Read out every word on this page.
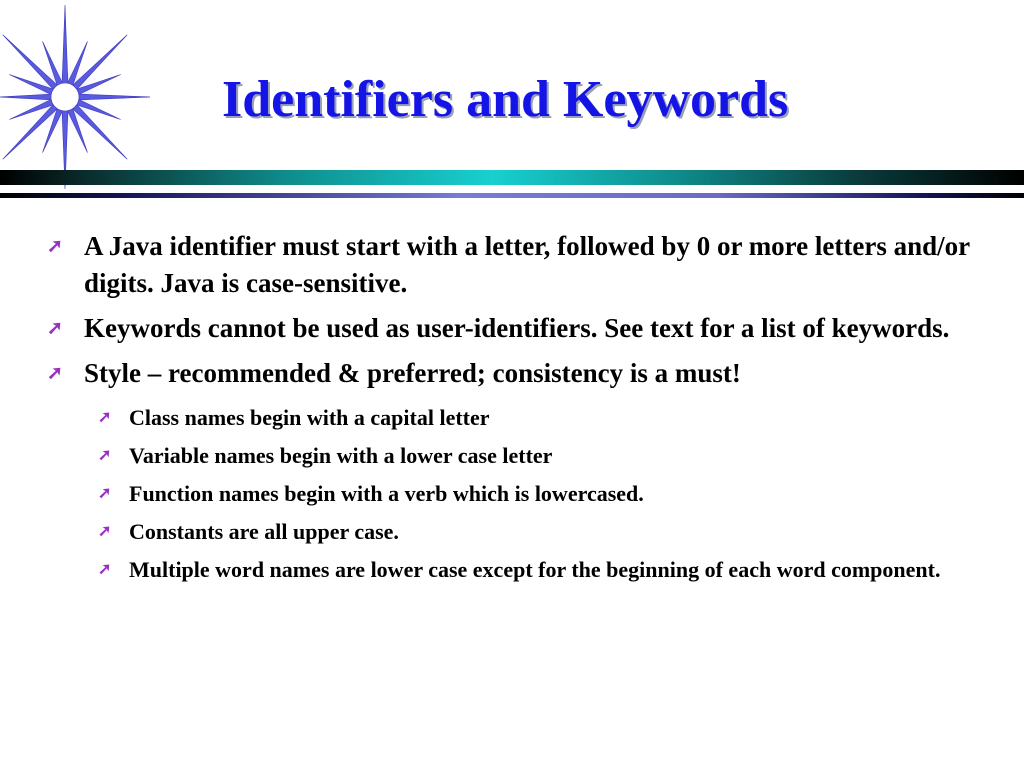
Identifiers and Keywords
➚ A Java identifier must start with a letter, followed by 0 or more letters and/or digits. Java is case-sensitive.
➚ Keywords cannot be used as user-identifiers. See text for a list of keywords.
➚ Style – recommended & preferred; consistency is a must!
➚ Class names begin with a capital letter
➚ Variable names begin with a lower case letter
➚ Function names begin with a verb which is lowercased.
➚ Constants are all upper case.
➚ Multiple word names are lower case except for the beginning of each word component.
